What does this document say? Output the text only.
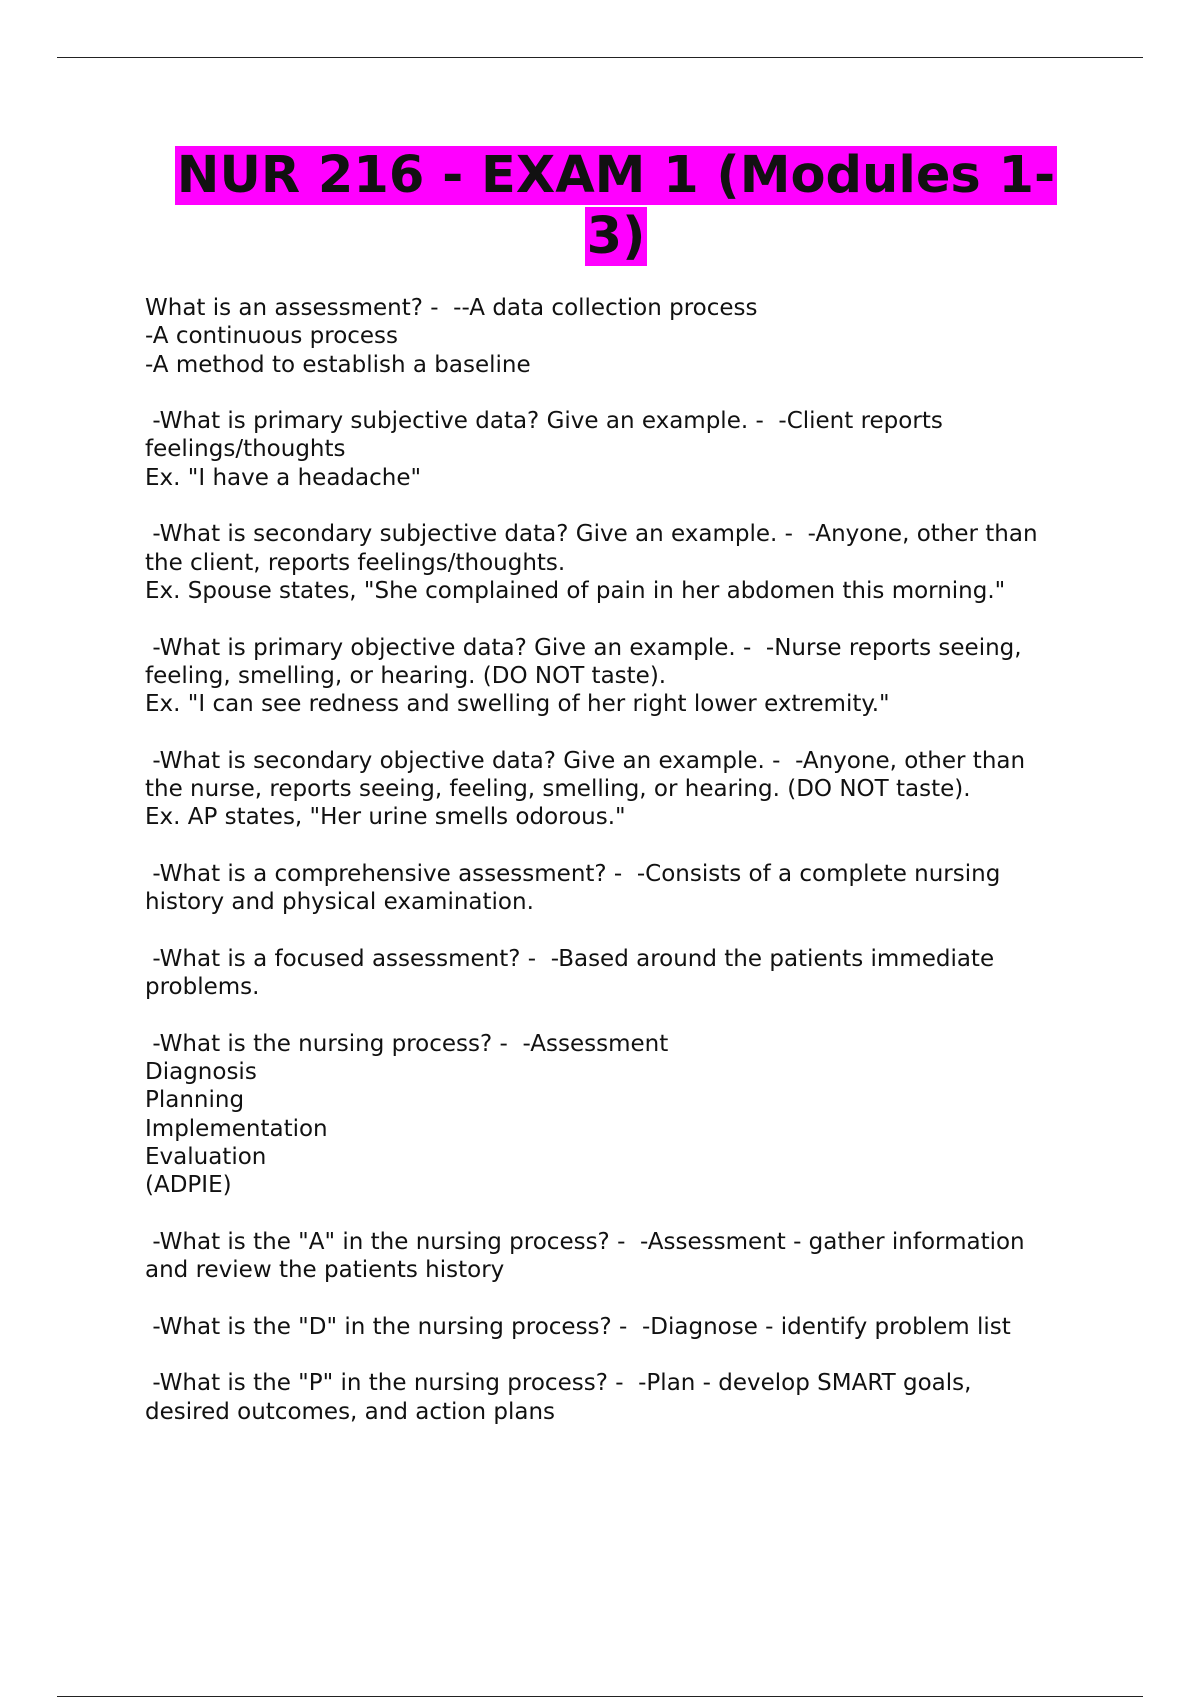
NUR 216 - EXAM 1 (Modules 1-
3)
What is an assessment? -  --A data collection process
-A continuous process
-A method to establish a baseline
-What is primary subjective data? Give an example. -  -Client reports
feelings/thoughts
Ex. "I have a headache"
-What is secondary subjective data? Give an example. -  -Anyone, other than
the client, reports feelings/thoughts.
Ex. Spouse states, "She complained of pain in her abdomen this morning."
-What is primary objective data? Give an example. -  -Nurse reports seeing,
feeling, smelling, or hearing. (DO NOT taste).
Ex. "I can see redness and swelling of her right lower extremity."
-What is secondary objective data? Give an example. -  -Anyone, other than
the nurse, reports seeing, feeling, smelling, or hearing. (DO NOT taste).
Ex. AP states, "Her urine smells odorous."
-What is a comprehensive assessment? -  -Consists of a complete nursing
history and physical examination.
-What is a focused assessment? -  -Based around the patients immediate
problems.
-What is the nursing process? -  -Assessment
Diagnosis
Planning
Implementation
Evaluation
(ADPIE)
-What is the "A" in the nursing process? -  -Assessment - gather information
and review the patients history
-What is the "D" in the nursing process? -  -Diagnose - identify problem list
-What is the "P" in the nursing process? -  -Plan - develop SMART goals,
desired outcomes, and action plans
